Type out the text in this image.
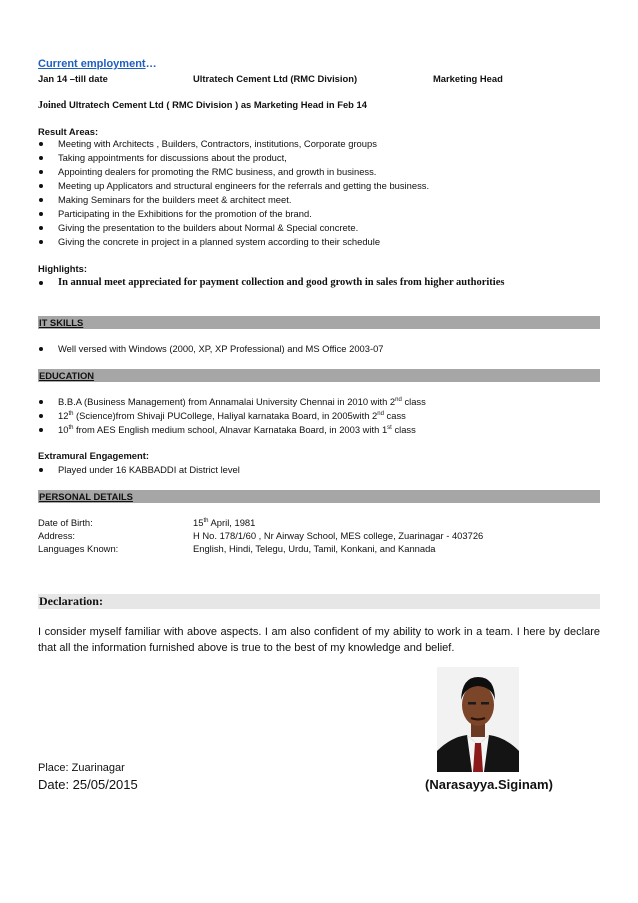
Current employment…
Jan 14 –till date	Ultratech Cement Ltd (RMC Division)	Marketing Head
Joined Ultratech Cement Ltd ( RMC Division ) as Marketing Head in Feb 14
Result Areas:
Meeting with Architects , Builders, Contractors, institutions, Corporate groups
Taking appointments for discussions about the product,
Appointing dealers for promoting the RMC business, and growth in business.
Meeting up Applicators and structural engineers for the referrals and getting the business.
Making Seminars for the builders meet & architect meet.
Participating in the Exhibitions for the promotion of the brand.
Giving the presentation to the builders about Normal & Special concrete.
Giving the concrete in project in a planned system according to their schedule
Highlights:
In annual meet appreciated for payment collection and good growth in sales from higher authorities
IT SKILLS
Well versed with Windows (2000, XP, XP Professional) and MS Office 2003-07
EDUCATION
B.B.A (Business Management) from Annamalai University Chennai in 2010 with 2nd class
12th (Science)from Shivaji PUCollege, Haliyal karnataka Board, in 2005with 2nd cass
10th from AES English medium school, Alnavar Karnataka Board, in 2003 with 1st class
Extramural Engagement:
Played under 16 KABBADDI at District level
PERSONAL DETAILS
Date of Birth:	15th April, 1981
Address:	H No. 178/1/60 , Nr Airway School, MES college, Zuarinagar - 403726
Languages Known:	English, Hindi, Telegu, Urdu, Tamil, Konkani, and Kannada
Declaration:
I consider myself familiar with above aspects. I am also confident of my ability to work in a team. I here by declare that all the information furnished above is true to the best of my knowledge and belief.
Place: Zuarinagar
Date: 25/05/2015	(Narasayya.Siginam)
